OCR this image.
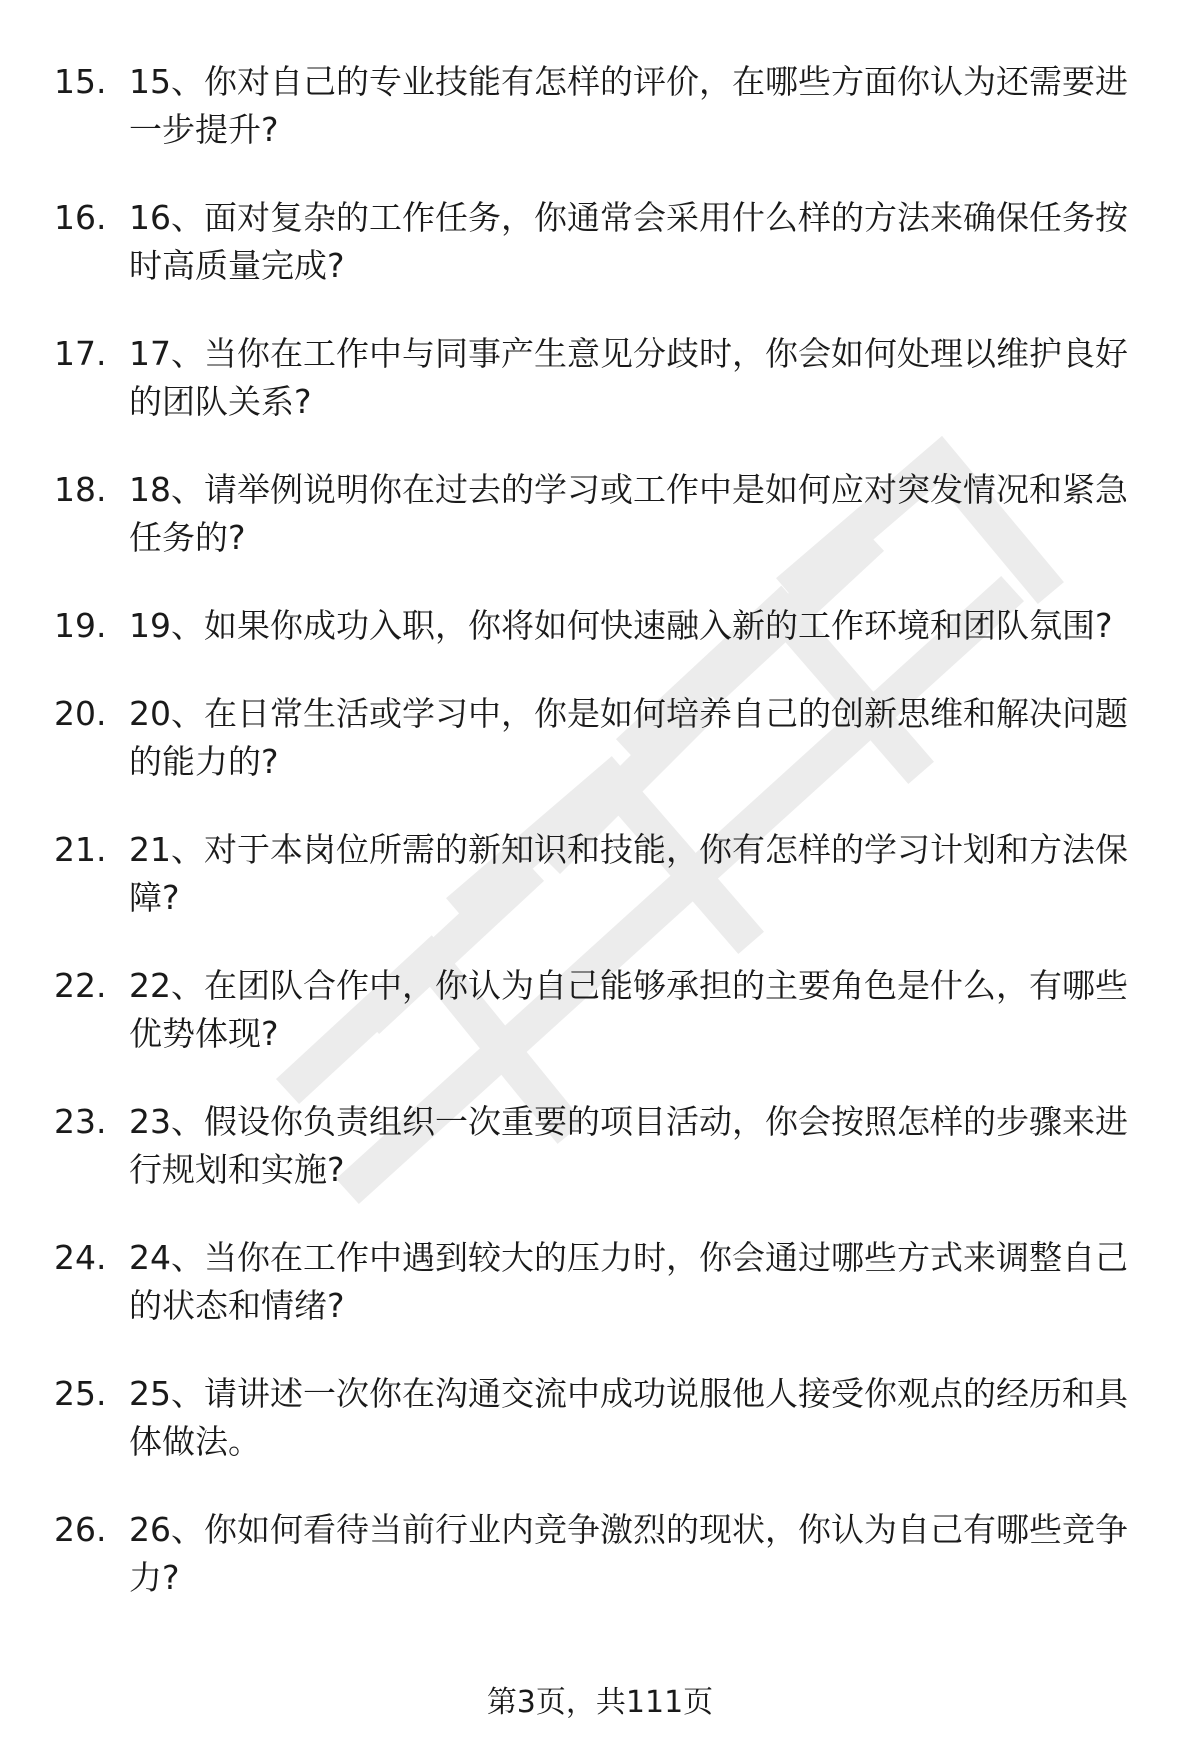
15. 15、你对自己的专业技能有怎样的评价，在哪些方面你认为还需要进一步提升?
16. 16、面对复杂的工作任务，你通常会采用什么样的方法来确保任务按时高质量完成?
17. 17、当你在工作中与同事产生意见分歧时，你会如何处理以维护良好的团队关系?
18. 18、请举例说明你在过去的学习或工作中是如何应对突发情况和紧急任务的?
19. 19、如果你成功入职，你将如何快速融入新的工作环境和团队氛围?
20. 20、在日常生活或学习中，你是如何培养自己的创新思维和解决问题的能力的?
21. 21、对于本岗位所需的新知识和技能，你有怎样的学习计划和方法保障?
22. 22、在团队合作中，你认为自己能够承担的主要角色是什么，有哪些优势体现?
23. 23、假设你负责组织一次重要的项目活动，你会按照怎样的步骤来进行规划和实施?
24. 24、当你在工作中遇到较大的压力时，你会通过哪些方式来调整自己的状态和情绪?
25. 25、请讲述一次你在沟通交流中成功说服他人接受你观点的经历和具体做法。
26. 26、你如何看待当前行业内竞争激烈的现状，你认为自己有哪些竞争力?
第3页，共111页
